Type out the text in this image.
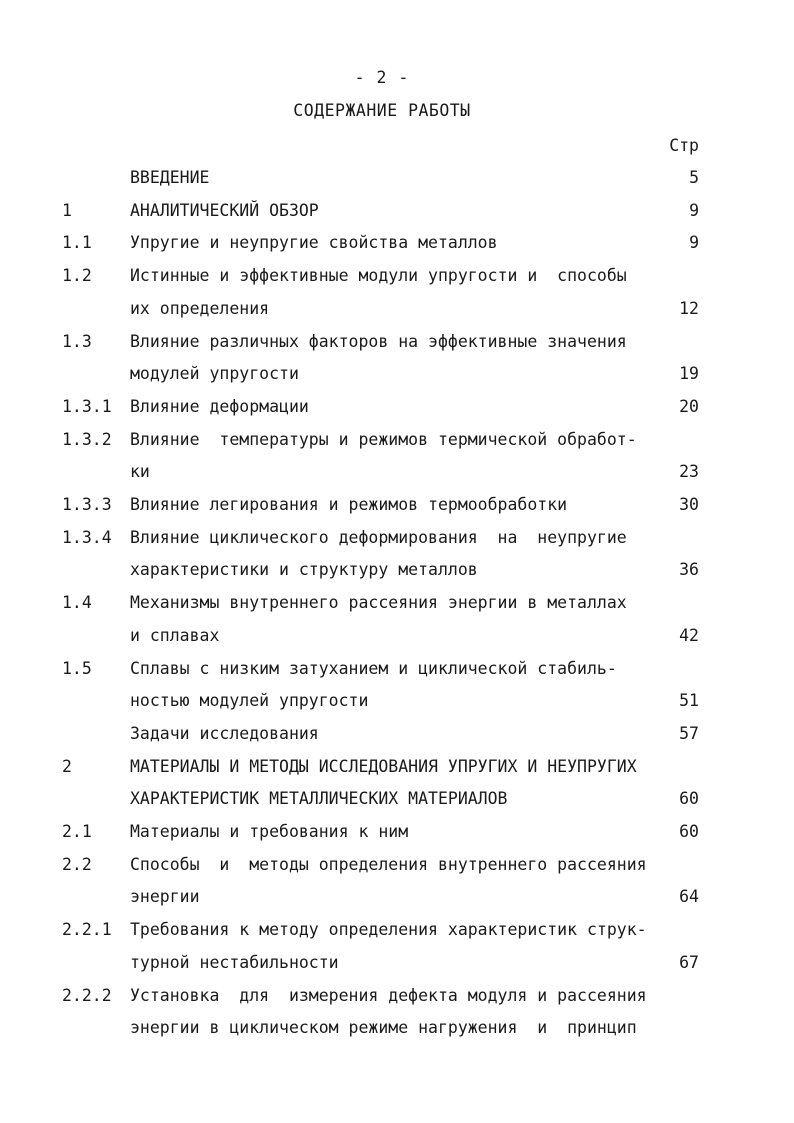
- 2 -
СОДЕРЖАНИЕ РАБОТЫ
Стр
ВВЕДЕНИЕ	5
1	АНАЛИТИЧЕСКИЙ ОБЗОР	9
1.1 Упругие и неупругие свойства металлов	9
1.2 Истинные и эффективные модули упругости и  способы
их определения	12
1.3 Влияние различных факторов на эффективные значения
модулей упругости	19
1.3.1 Влияние деформации	20
1.3.2 Влияние  температуры и режимов термической обработ-
ки	23
1.3.3 Влияние легирования и режимов термообработки	30
1.3.4 Влияние циклического деформирования  на  неупругие
характеристики и структуру металлов	36
1.4 Механизмы внутреннего рассеяния энергии в металлах
и сплавах	42
1.5 Сплавы с низким затуханием и циклической стабиль-
ностью модулей упругости	51
Задачи исследования	57
2	МАТЕРИАЛЫ И МЕТОДЫ ИССЛЕДОВАНИЯ УПРУГИХ И НЕУПРУГИХ
ХАРАКТЕРИСТИК МЕТАЛЛИЧЕСКИХ МАТЕРИАЛОВ	60
2.1 Материалы и требования к ним	60
2.2 Способы  и  методы определения внутреннего рассеяния
энергии	64
2.2.1 Требования к методу определения характеристик струк-
турной нестабильности	67
2.2.2 Установка  для  измерения дефекта модуля и рассеяния
энергии в циклическом режиме нагружения  и  принцип
